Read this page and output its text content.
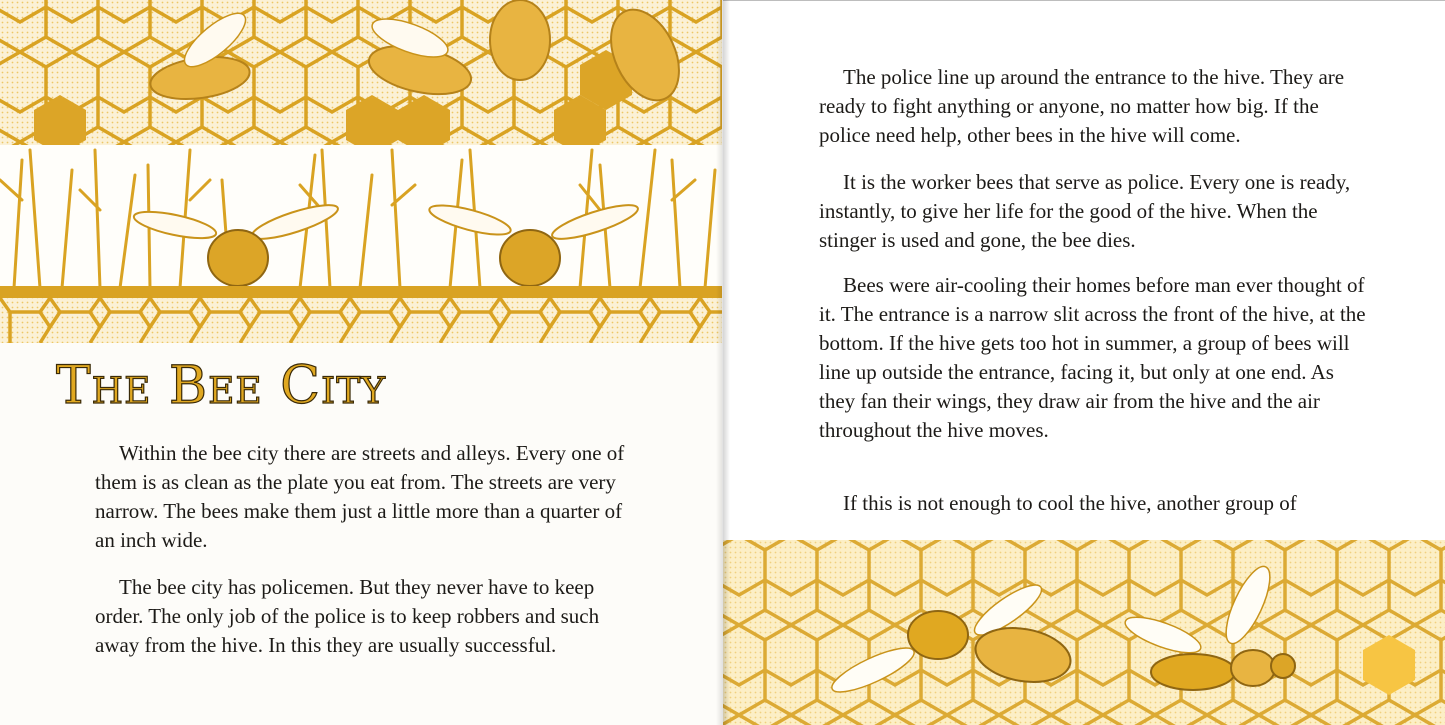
The Bee City

Within the bee city there are streets and alleys. Every one of them is as clean as the plate you eat from. The streets are very narrow. The bees make them just a little more than a quarter of an inch wide.

The bee city has policemen. But they never have to keep order. The only job of the police is to keep robbers and such away from the hive. In this they are usually successful.

The police line up around the entrance to the hive. They are ready to fight anything or anyone, no matter how big. If the police need help, other bees in the hive will come.

It is the worker bees that serve as police. Every one is ready, instantly, to give her life for the good of the hive. When the stinger is used and gone, the bee dies.

Bees were air-cooling their homes before man ever thought of it. The entrance is a narrow slit across the front of the hive, at the bottom. If the hive gets too hot in summer, a group of bees will line up outside the entrance, facing it, but only at one end. As they fan their wings, they draw air from the hive and the air throughout the hive moves.

If this is not enough to cool the hive, another group of
